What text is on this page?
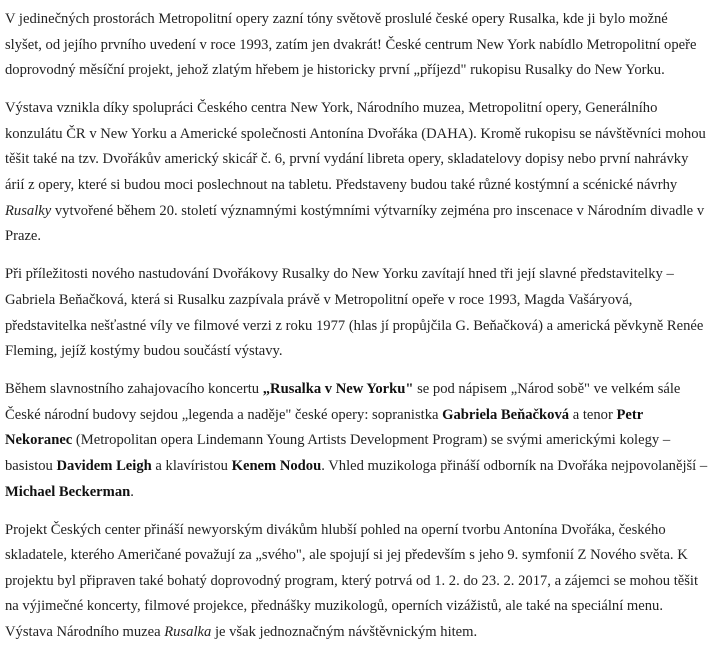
V jedinečných prostorách Metropolitní opery zazní tóny světově proslulé české opery Rusalka, kde ji bylo možné slyšet, od jejího prvního uvedení v roce 1993, zatím jen dvakrát! České centrum New York nabídlo Metropolitní opeře doprovodný měsíční projekt, jehož zlatým hřebem je historicky první „příjezd" rukopisu Rusalky do New Yorku.

Výstava vznikla díky spolupráci Českého centra New York, Národního muzea, Metropolitní opery, Generálního konzulátu ČR v New Yorku a Americké společnosti Antonína Dvořáka (DAHA). Kromě rukopisu se návštěvníci mohou těšit také na tzv. Dvořákův americký skicář č. 6, první vydání libreta opery, skladatelovy dopisy nebo první nahrávky árií z opery, které si budou moci poslechnout na tabletu. Představeny budou také různé kostýmní a scénické návrhy Rusalky vytvořené během 20. století významnými kostýmními výtvarníky zejména pro inscenace v Národním divadle v Praze.

Při příležitosti nového nastudování Dvořákovy Rusalky do New Yorku zavítají hned tři její slavné představitelky – Gabriela Beňačková, která si Rusalku zazpívala právě v Metropolitní opeře v roce 1993, Magda Vašáryová, představitelka nešťastné víly ve filmové verzi z roku 1977 (hlas jí propůjčila G. Beňačková) a americká pěvkyně Renée Fleming, jejíž kostýmy budou součástí výstavy.

Během slavnostního zahajovacího koncertu „Rusalka v New Yorku" se pod nápisem „Národ sobě" ve velkém sále České národní budovy sejdou „legenda a naděje" české opery: sopranistka Gabriela Beňačková a tenor Petr Nekoranec (Metropolitan opera Lindemann Young Artists Development Program) se svými americkými kolegy – basistou Davidem Leigh a klavíristou Kenem Nodou. Vhled muzikologa přináší odborník na Dvořáka nejpovolanější – Michael Beckerman.

Projekt Českých center přináší newyorským divákům hlubší pohled na operní tvorbu Antonína Dvořáka, českého skladatele, kterého Američané považují za „svého", ale spojují si jej především s jeho 9. symfonií Z Nového světa. K projektu byl připraven také bohatý doprovodný program, který potrvá od 1. 2. do 23. 2. 2017, a zájemci se mohou těšit na výjimečné koncerty, filmové projekce, přednášky muzikologů, operních vizážistů, ale také na speciální menu. Výstava Národního muzea Rusalka je však jednoznačným návštěvnickým hitem.
